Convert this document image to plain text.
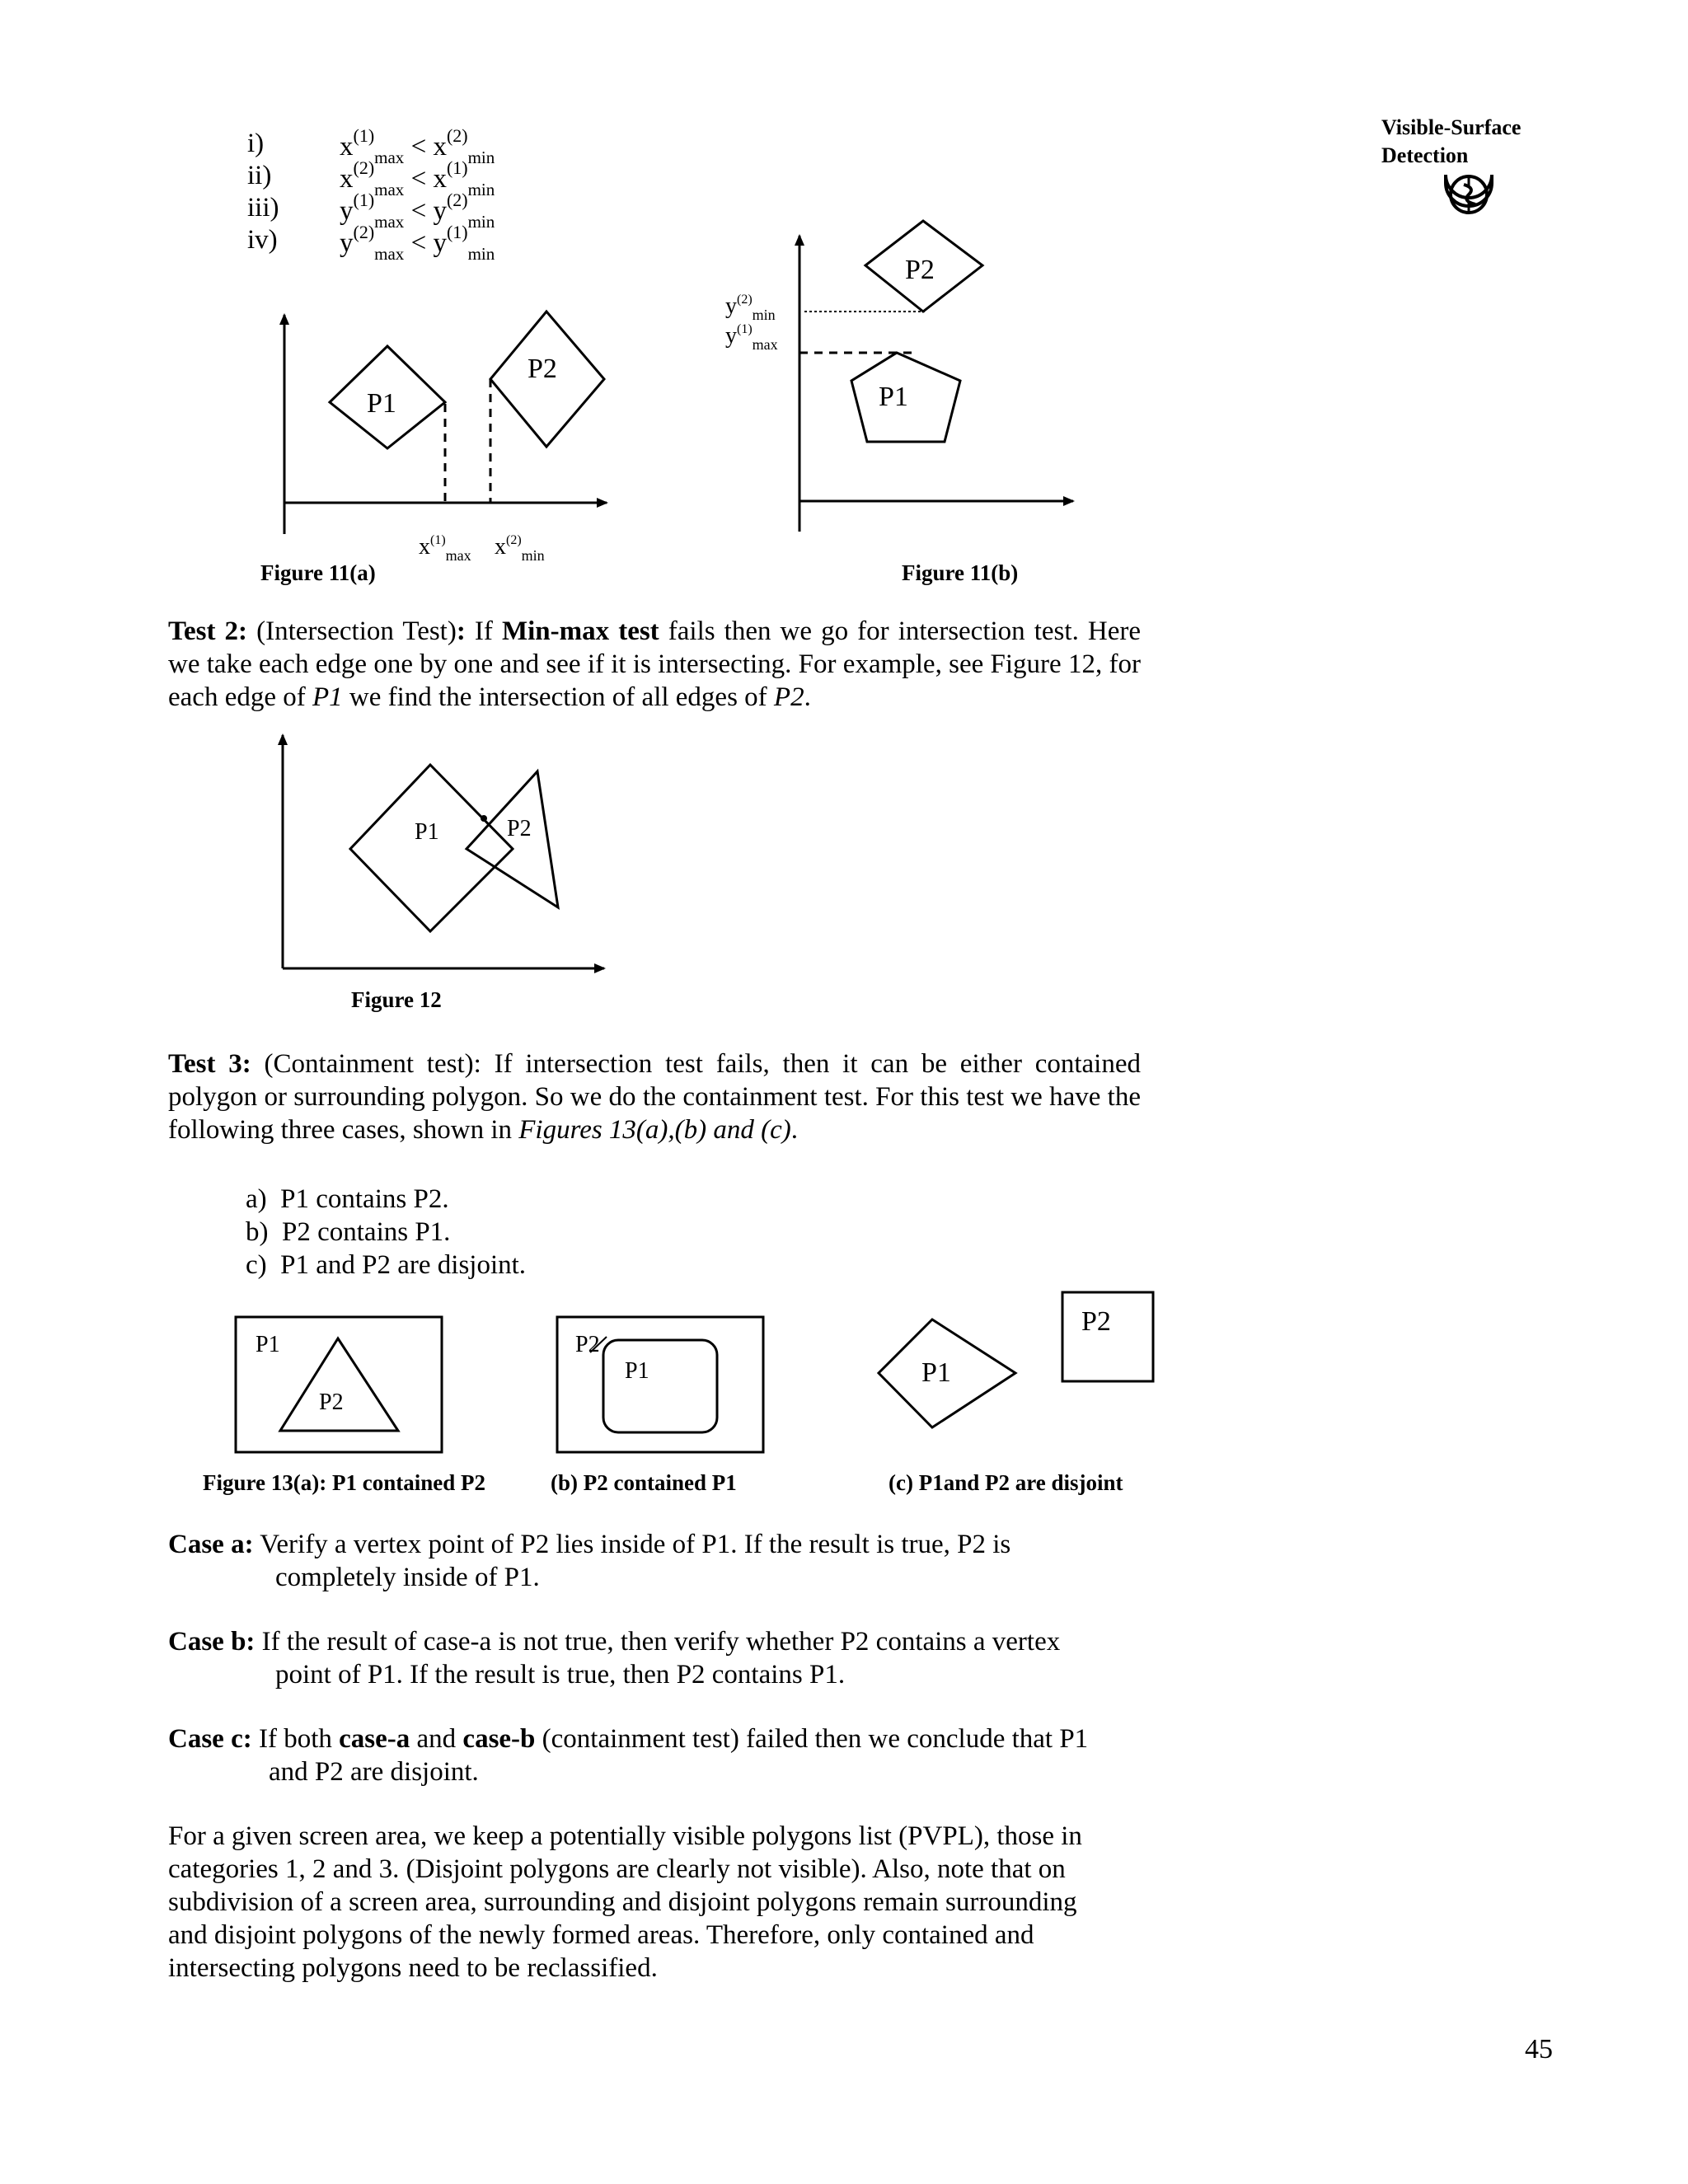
Visible-Surface
Detection
i)	$x^{(1)}_{max} < x^{(2)}_{min}$
ii)	$x^{(2)}_{max} < x^{(1)}_{min}$
iii) $y^{(1)}_{max} < y^{(2)}_{min}$
iv) $y^{(2)}_{max} < y^{(1)}_{min}$
P1
P2
$x^{(1)}_{max}$ $x^{(2)}_{min}$
Figure 11(a)
P2
P1
$y^{(2)}_{min}$
$y^{(1)}_{max}$
Figure 11(b)
P1	P2
Figure 12
P1
P2
P2
P1	P1
P2
Test 2: (Intersection Test): If Min-max test fails then we go for intersection test. Here we take each edge one by one and see if it is intersecting. For example, see Figure 12, for each edge of P1 we find the intersection of all edges of P2.
Test 3: (Containment test): If intersection test fails, then it can be either contained polygon or surrounding polygon. So we do the containment test. For this test we have the following three cases, shown in Figures 13(a),(b) and (c).
a) P1 contains P2.
b) P2 contains P1.
c) P1 and P2 are disjoint.
Figure 13(a): P1 contained P2	(b) P2 contained P1	(c) P1and P2 are disjoint
Case a: Verify a vertex point of P2 lies inside of P1. If the result is true, P2 is
completely inside of P1.
Case b: If the result of case-a is not true, then verify whether P2 contains a vertex
point of P1. If the result is true, then P2 contains P1.
Case c: If both case-a and case-b (containment test) failed then we conclude that P1
and P2 are disjoint.
For a given screen area, we keep a potentially visible polygons list (PVPL), those in categories 1, 2 and 3. (Disjoint polygons are clearly not visible). Also, note that on subdivision of a screen area, surrounding and disjoint polygons remain surrounding and disjoint polygons of the newly formed areas. Therefore, only contained and intersecting polygons need to be reclassified.
45
